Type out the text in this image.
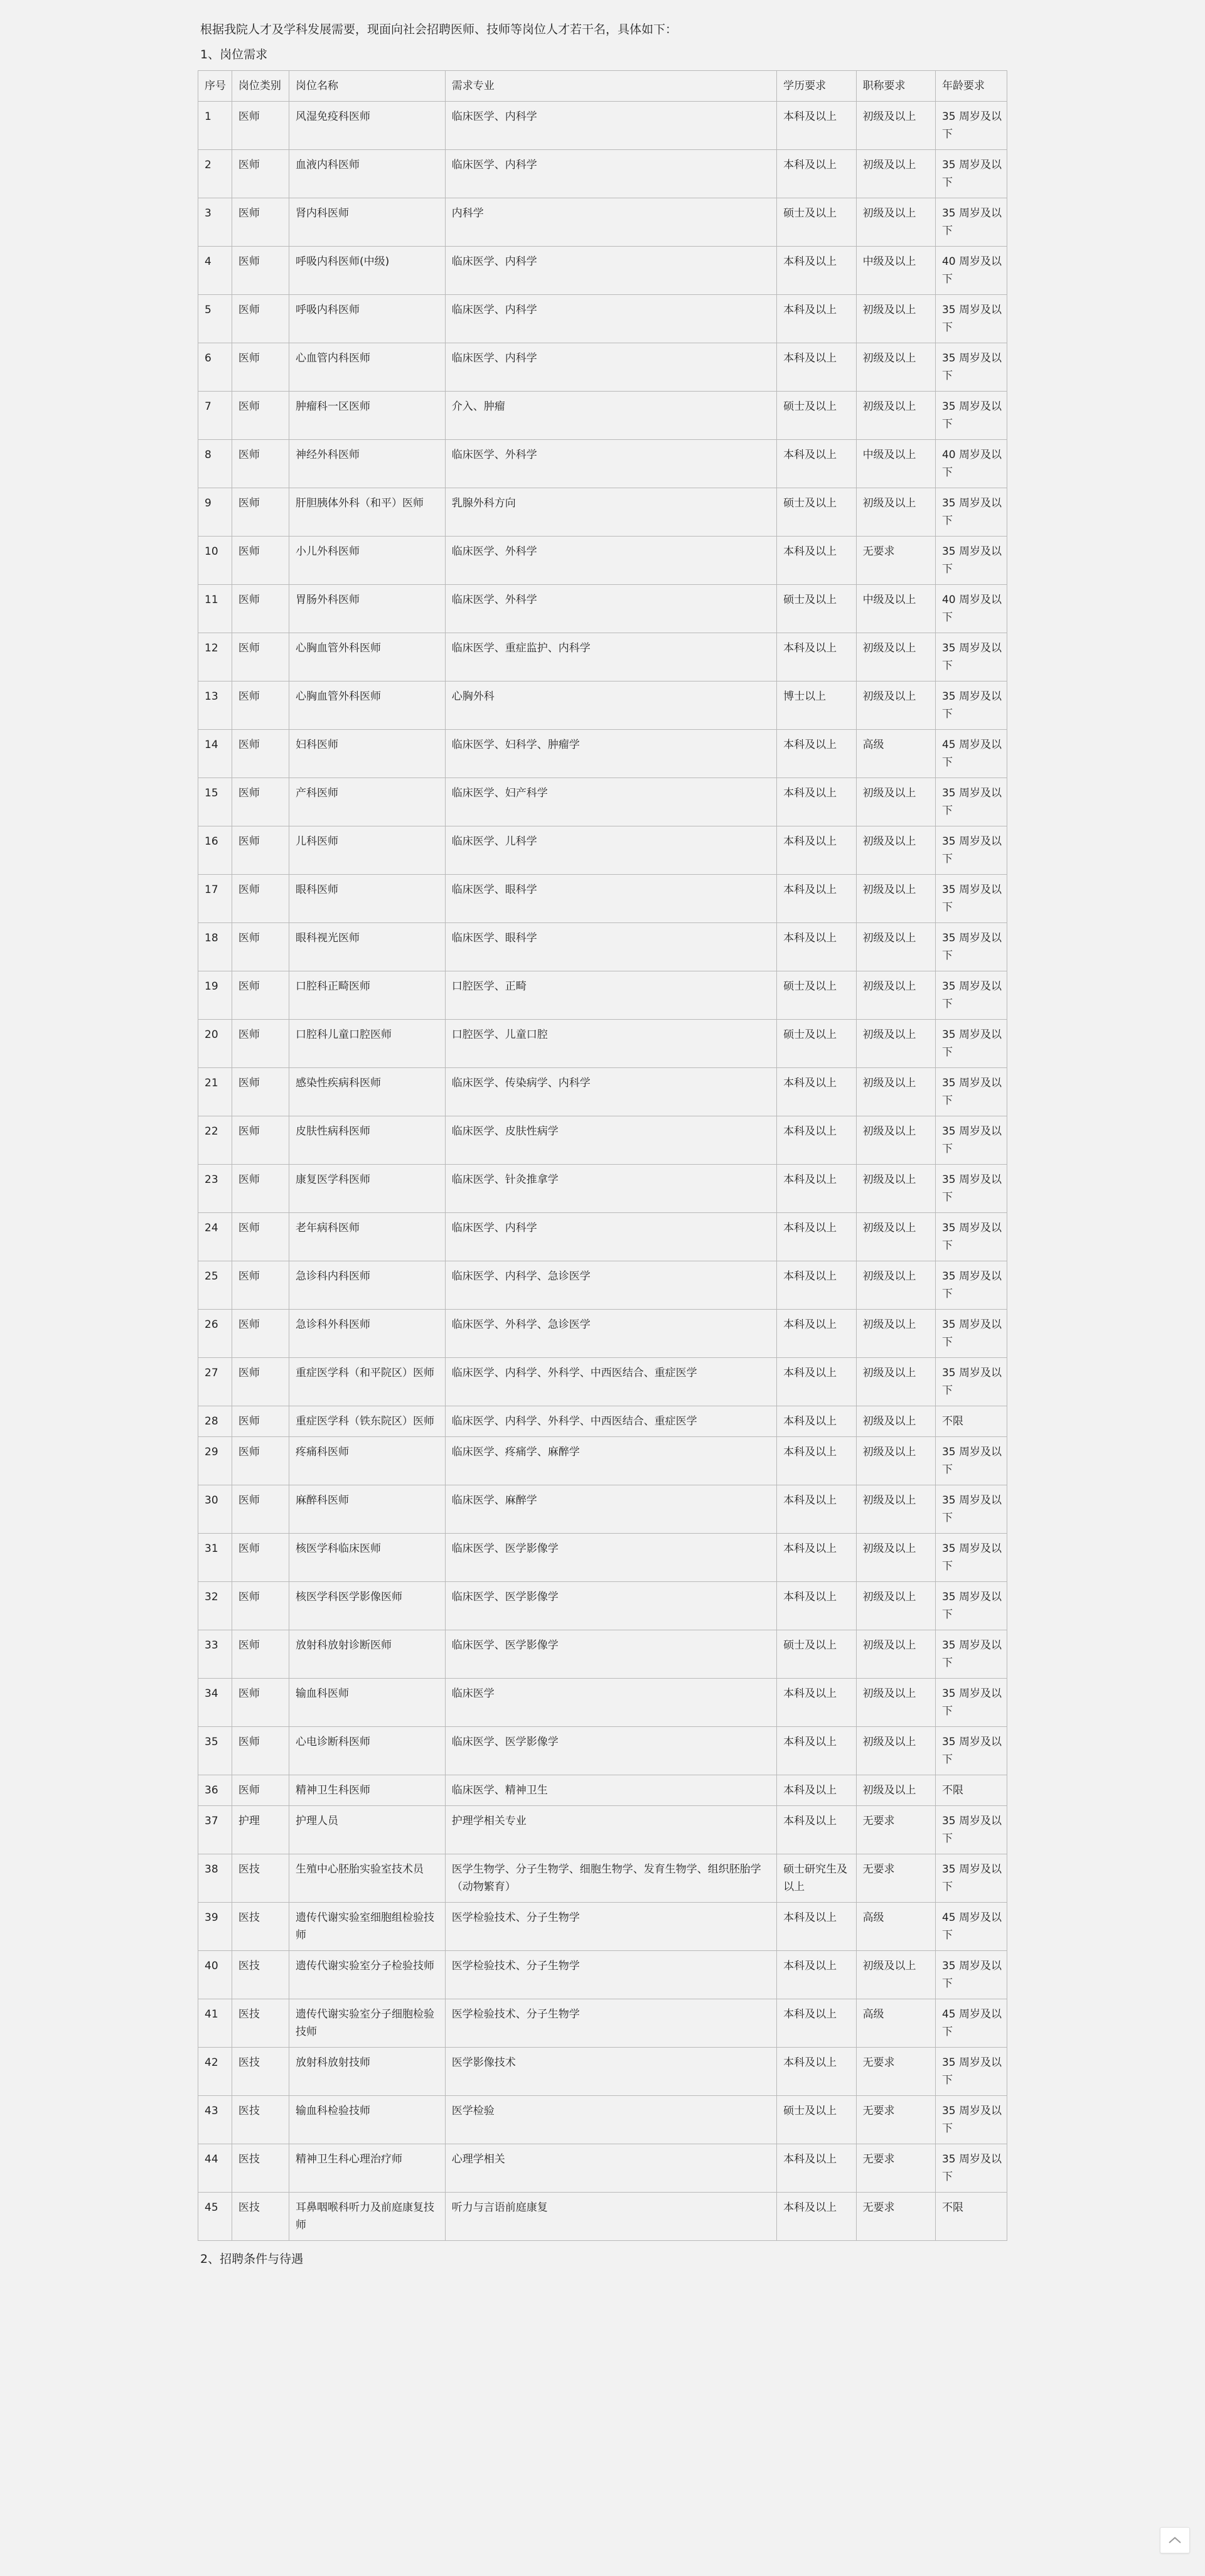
根据我院人才及学科发展需要，现面向社会招聘医师、技师等岗位人才若干名，具体如下：

1、岗位需求

序号	岗位类别	岗位名称	需求专业	学历要求	职称要求	年龄要求
1	医师	风湿免疫科医师	临床医学、内科学	本科及以上	初级及以上	35 周岁及以下
2	医师	血液内科医师	临床医学、内科学	本科及以上	初级及以上	35 周岁及以下
3	医师	肾内科医师	内科学	硕士及以上	初级及以上	35 周岁及以下
4	医师	呼吸内科医师(中级)	临床医学、内科学	本科及以上	中级及以上	40 周岁及以下
5	医师	呼吸内科医师	临床医学、内科学	本科及以上	初级及以上	35 周岁及以下
6	医师	心血管内科医师	临床医学、内科学	本科及以上	初级及以上	35 周岁及以下
7	医师	肿瘤科一区医师	介入、肿瘤	硕士及以上	初级及以上	35 周岁及以下
8	医师	神经外科医师	临床医学、外科学	本科及以上	中级及以上	40 周岁及以下
9	医师	肝胆胰体外科（和平）医师	乳腺外科方向	硕士及以上	初级及以上	35 周岁及以下
10	医师	小儿外科医师	临床医学、外科学	本科及以上	无要求	35 周岁及以下
11	医师	胃肠外科医师	临床医学、外科学	硕士及以上	中级及以上	40 周岁及以下
12	医师	心胸血管外科医师	临床医学、重症监护、内科学	本科及以上	初级及以上	35 周岁及以下
13	医师	心胸血管外科医师	心胸外科	博士以上	初级及以上	35 周岁及以下
14	医师	妇科医师	临床医学、妇科学、肿瘤学	本科及以上	高级	45 周岁及以下
15	医师	产科医师	临床医学、妇产科学	本科及以上	初级及以上	35 周岁及以下
16	医师	儿科医师	临床医学、儿科学	本科及以上	初级及以上	35 周岁及以下
17	医师	眼科医师	临床医学、眼科学	本科及以上	初级及以上	35 周岁及以下
18	医师	眼科视光医师	临床医学、眼科学	本科及以上	初级及以上	35 周岁及以下
19	医师	口腔科正畸医师	口腔医学、正畸	硕士及以上	初级及以上	35 周岁及以下
20	医师	口腔科儿童口腔医师	口腔医学、儿童口腔	硕士及以上	初级及以上	35 周岁及以下
21	医师	感染性疾病科医师	临床医学、传染病学、内科学	本科及以上	初级及以上	35 周岁及以下
22	医师	皮肤性病科医师	临床医学、皮肤性病学	本科及以上	初级及以上	35 周岁及以下
23	医师	康复医学科医师	临床医学、针灸推拿学	本科及以上	初级及以上	35 周岁及以下
24	医师	老年病科医师	临床医学、内科学	本科及以上	初级及以上	35 周岁及以下
25	医师	急诊科内科医师	临床医学、内科学、急诊医学	本科及以上	初级及以上	35 周岁及以下
26	医师	急诊科外科医师	临床医学、外科学、急诊医学	本科及以上	初级及以上	35 周岁及以下
27	医师	重症医学科（和平院区）医师	临床医学、内科学、外科学、中西医结合、重症医学	本科及以上	初级及以上	35 周岁及以下
28	医师	重症医学科（铁东院区）医师	临床医学、内科学、外科学、中西医结合、重症医学	本科及以上	初级及以上	不限
29	医师	疼痛科医师	临床医学、疼痛学、麻醉学	本科及以上	初级及以上	35 周岁及以下
30	医师	麻醉科医师	临床医学、麻醉学	本科及以上	初级及以上	35 周岁及以下
31	医师	核医学科临床医师	临床医学、医学影像学	本科及以上	初级及以上	35 周岁及以下
32	医师	核医学科医学影像医师	临床医学、医学影像学	本科及以上	初级及以上	35 周岁及以下
33	医师	放射科放射诊断医师	临床医学、医学影像学	硕士及以上	初级及以上	35 周岁及以下
34	医师	输血科医师	临床医学	本科及以上	初级及以上	35 周岁及以下
35	医师	心电诊断科医师	临床医学、医学影像学	本科及以上	初级及以上	35 周岁及以下
36	医师	精神卫生科医师	临床医学、精神卫生	本科及以上	初级及以上	不限
37	护理	护理人员	护理学相关专业	本科及以上	无要求	35 周岁及以下
38	医技	生殖中心胚胎实验室技术员	医学生物学、分子生物学、细胞生物学、发育生物学、组织胚胎学（动物繁育）	硕士研究生及以上	无要求	35 周岁及以下
39	医技	遗传代谢实验室细胞组检验技师	医学检验技术、分子生物学	本科及以上	高级	45 周岁及以下
40	医技	遗传代谢实验室分子检验技师	医学检验技术、分子生物学	本科及以上	初级及以上	35 周岁及以下
41	医技	遗传代谢实验室分子细胞检验技师	医学检验技术、分子生物学	本科及以上	高级	45 周岁及以下
42	医技	放射科放射技师	医学影像技术	本科及以上	无要求	35 周岁及以下
43	医技	输血科检验技师	医学检验	硕士及以上	无要求	35 周岁及以下
44	医技	精神卫生科心理治疗师	心理学相关	本科及以上	无要求	35 周岁及以下
45	医技	耳鼻咽喉科听力及前庭康复技师	听力与言语前庭康复	本科及以上	无要求	不限

2、招聘条件与待遇
